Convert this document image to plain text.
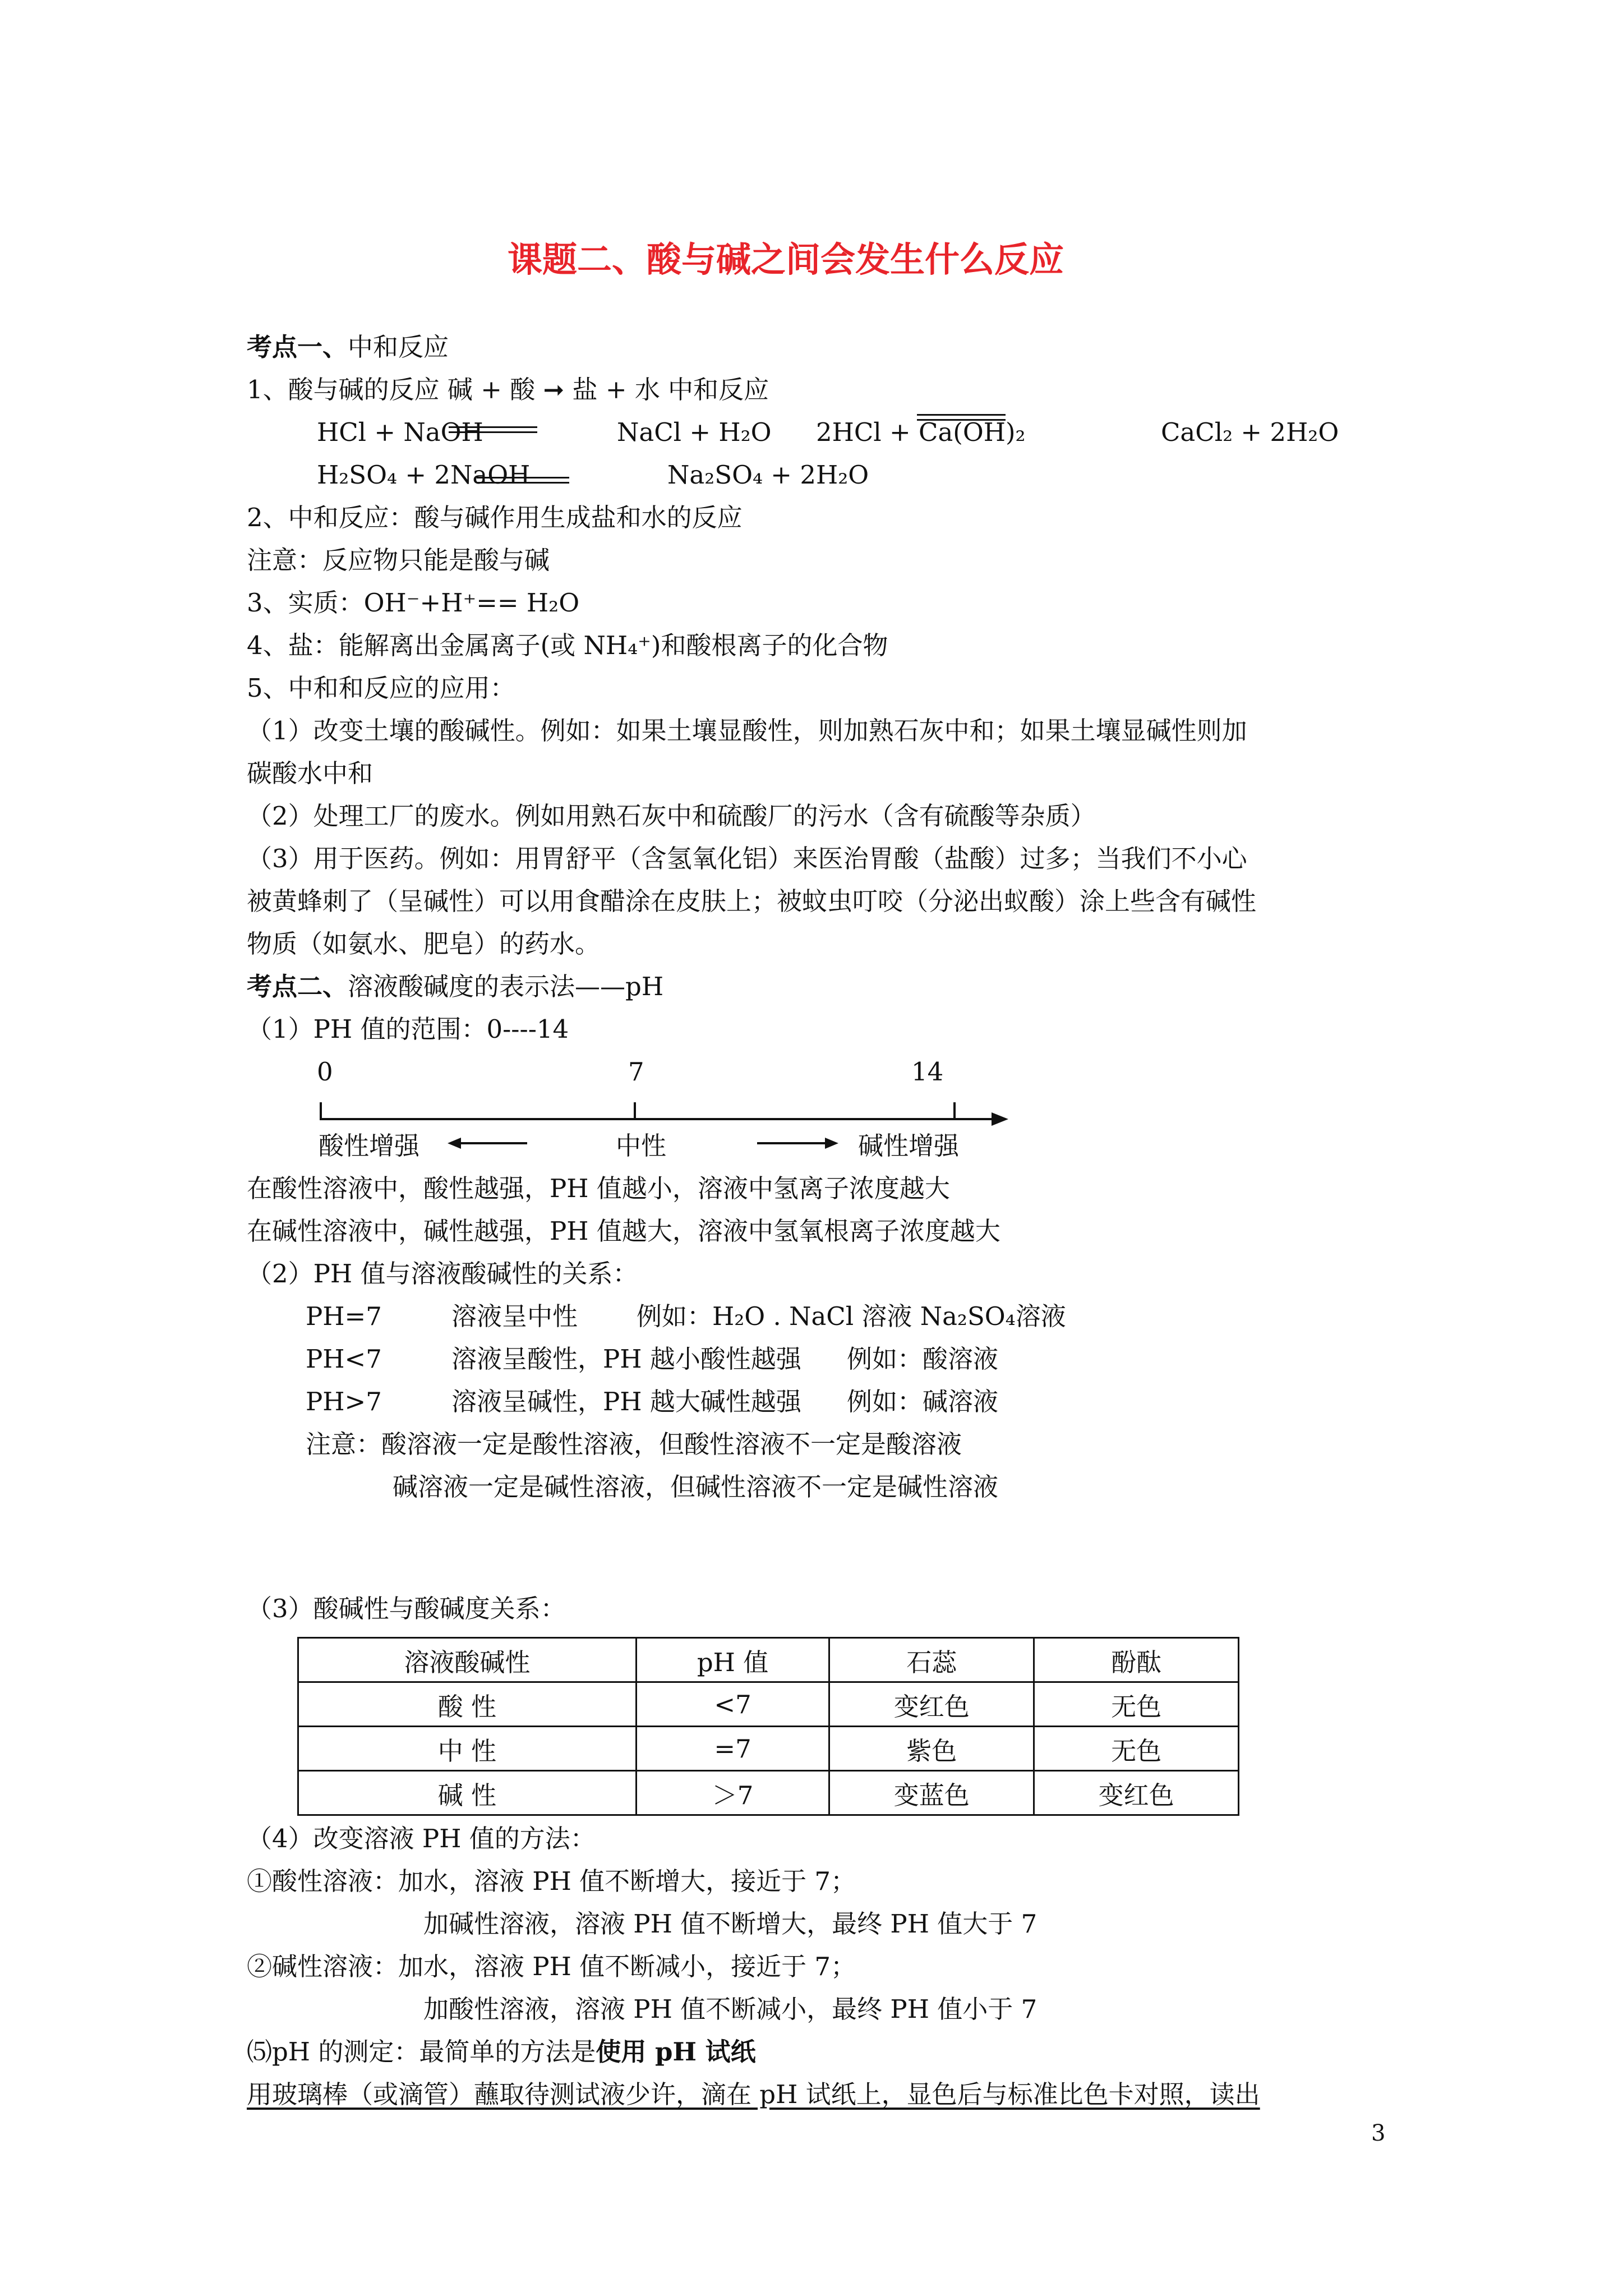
课题二、酸与碱之间会发生什么反应
考点一、中和反应
1、酸与碱的反应 碱 + 酸 ➞ 盐 + 水 中和反应
HCl + NaOH	NaCl + H₂O 2HCl + Ca(OH)₂	CaCl₂ + 2H₂O
H₂SO₄ + 2NaOH	Na₂SO₄ + 2H₂O
2、中和反应：酸与碱作用生成盐和水的反应
注意：反应物只能是酸与碱
3、实质：OH⁻+H⁺== H₂O
4、盐：能解离出金属离子(或 NH₄⁺)和酸根离子的化合物
5、中和和反应的应用：
（1）改变土壤的酸碱性。例如：如果土壤显酸性，则加熟石灰中和；如果土壤显碱性则加
碳酸水中和
（2）处理工厂的废水。例如用熟石灰中和硫酸厂的污水（含有硫酸等杂质）
（3）用于医药。例如：用胃舒平（含氢氧化铝）来医治胃酸（盐酸）过多；当我们不小心
被黄蜂刺了（呈碱性）可以用食醋涂在皮肤上；被蚊虫叮咬（分泌出蚁酸）涂上些含有碱性
物质（如氨水、肥皂）的药水。
考点二、溶液酸碱度的表示法——pH
（1）PH 值的范围：0----14
0	7	14
酸性增强	中性	碱性增强
在酸性溶液中，酸性越强，PH 值越小，溶液中氢离子浓度越大
在碱性溶液中，碱性越强，PH 值越大，溶液中氢氧根离子浓度越大
（2）PH 值与溶液酸碱性的关系：
PH=7	溶液呈中性 例如：H₂O . NaCl 溶液 Na₂SO₄溶液
PH<7	溶液呈酸性，PH 越小酸性越强 例如：酸溶液
PH>7	溶液呈碱性，PH 越大碱性越强 例如：碱溶液
注意：酸溶液一定是酸性溶液，但酸性溶液不一定是酸溶液
碱溶液一定是碱性溶液，但碱性溶液不一定是碱性溶液
（3）酸碱性与酸碱度关系：
溶液酸碱性	pH 值	石蕊	酚酞
酸 性	<7	变红色	无色
中 性	=7	紫色	无色
碱 性	＞7	变蓝色	变红色
（4）改变溶液 PH 值的方法：
①酸性溶液：加水，溶液 PH 值不断增大，接近于 7；
加碱性溶液，溶液 PH 值不断增大，最终 PH 值大于 7
②碱性溶液：加水，溶液 PH 值不断减小，接近于 7；
加酸性溶液，溶液 PH 值不断减小，最终 PH 值小于 7
⑸pH 的测定：最简单的方法是使用 pH 试纸
用玻璃棒（或滴管）蘸取待测试液少许，滴在 pH 试纸上，显色后与标准比色卡对照，读出
3
